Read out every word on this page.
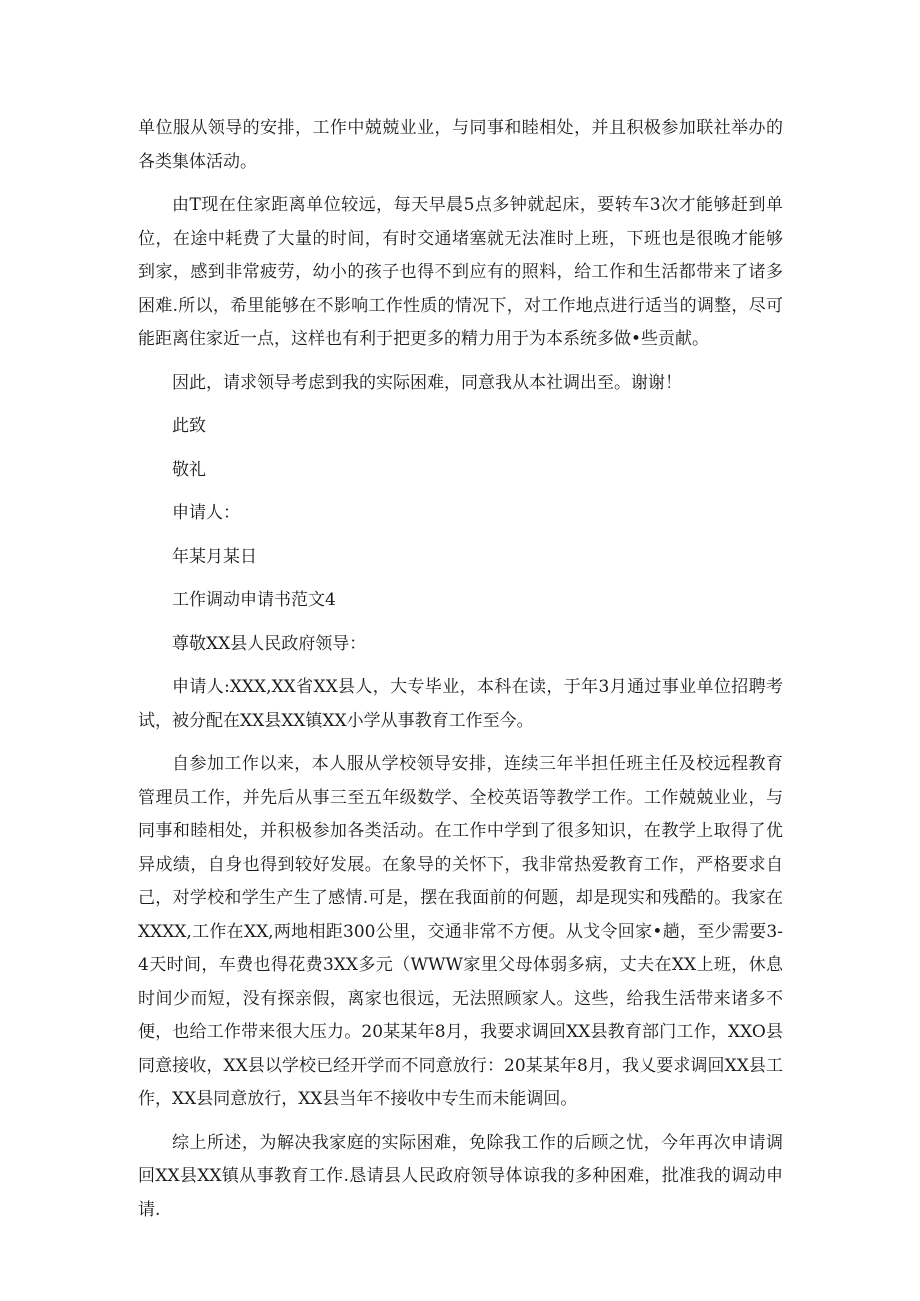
单位服从领导的安排，工作中兢兢业业，与同事和睦相处，并且积极参加联社举办的各类集体活动。

由T现在住家距离单位较远，每天早晨5点多钟就起床，要转车3次才能够赶到单位，在途中耗费了大量的时间，有时交通堵塞就无法准时上班，下班也是很晚才能够到家，感到非常疲劳，幼小的孩子也得不到应有的照料，给工作和生活都带来了诸多困难.所以，希里能够在不影响工作性质的情况下，对工作地点进行适当的调整，尽可能距离住家近一点，这样也有利于把更多的精力用于为本系统多做•些贡献。

因此，请求领导考虑到我的实际困难，同意我从本社调出至。谢谢！

此致

敬礼

申请人：

年某月某日

工作调动申请书范文4

尊敬XX县人民政府领导：

申请人:XXX,XX省XX县人，大专毕业，本科在读，于年3月通过事业单位招聘考试，被分配在XX县XX镇XX小学从事教育工作至今。

自参加工作以来，本人服从学校领导安排，连续三年半担任班主任及校远程教育管理员工作，并先后从事三至五年级数学、全校英语等教学工作。工作兢兢业业，与同事和睦相处，并积极参加各类活动。在工作中学到了很多知识，在教学上取得了优异成绩，自身也得到较好发展。在象导的关怀下，我非常热爱教育工作，严格要求自己，对学校和学生产生了感情.可是，摆在我面前的何题，却是现实和残酷的。我家在XXXX,工作在XX,两地相距300公里，交通非常不方便。从戈令回家•趟，至少需要3-4天时间，车费也得花费3XX多元（WWW家里父母体弱多病，丈夫在XX上班，休息时间少而短，没有探亲假，离家也很远，无法照顾家人。这些，给我生活带来诸多不便，也给工作带来很大压力。20某某年8月，我要求调回XX县教育部门工作，XXO县同意接收，XX县以学校已经开学而不同意放行：20某某年8月，我乂要求调回XX县工作，XX县同意放行，XX县当年不接收中专生而未能调回。

综上所述，为解决我家庭的实际困难，免除我工作的后顾之忧，今年再次申请调回XX县XX镇从事教育工作.恳请县人民政府领导体谅我的多种困难，批准我的调动申请.
